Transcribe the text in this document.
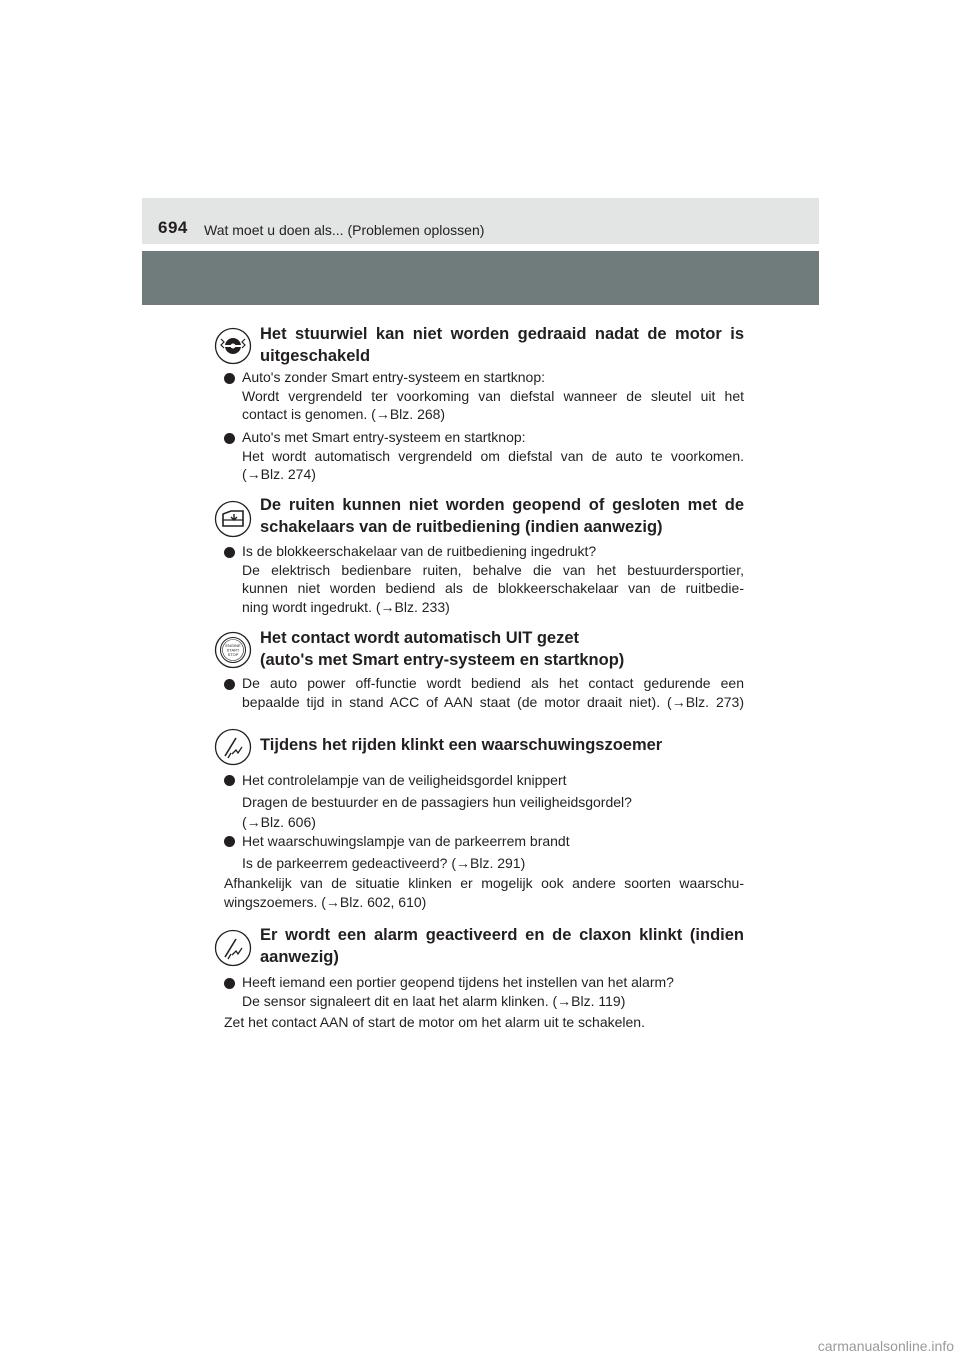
694 Wat moet u doen als... (Problemen oplossen)
Het stuurwiel kan niet worden gedraaid nadat de motor is
uitgeschakeld
Auto's zonder Smart entry-systeem en startknop:
Wordt vergrendeld ter voorkoming van diefstal wanneer de sleutel uit het
contact is genomen. (→Blz. 268)
Auto's met Smart entry-systeem en startknop:
Het wordt automatisch vergrendeld om diefstal van de auto te voorkomen.
(→Blz. 274)
De ruiten kunnen niet worden geopend of gesloten met de
schakelaars van de ruitbediening (indien aanwezig)
Is de blokkeerschakelaar van de ruitbediening ingedrukt?
De elektrisch bedienbare ruiten, behalve die van het bestuurdersportier,
kunnen niet worden bediend als de blokkeerschakelaar van de ruitbedie-
ning wordt ingedrukt. (→Blz. 233)
ENGINE
START
STOP
Het contact wordt automatisch UIT gezet
(auto's met Smart entry-systeem en startknop)
De auto power off-functie wordt bediend als het contact gedurende een
bepaalde tijd in stand ACC of AAN staat (de motor draait niet). (→Blz. 273)
Tijdens het rijden klinkt een waarschuwingszoemer
Het controlelampje van de veiligheidsgordel knippert
Dragen de bestuurder en de passagiers hun veiligheidsgordel?
(→Blz. 606)
Het waarschuwingslampje van de parkeerrem brandt
Is de parkeerrem gedeactiveerd? (→Blz. 291)
Afhankelijk van de situatie klinken er mogelijk ook andere soorten waarschu-
wingszoemers. (→Blz. 602, 610)
Er wordt een alarm geactiveerd en de claxon klinkt (indien
aanwezig)
Heeft iemand een portier geopend tijdens het instellen van het alarm?
De sensor signaleert dit en laat het alarm klinken. (→Blz. 119)
Zet het contact AAN of start de motor om het alarm uit te schakelen.
carmanualsonline.info
